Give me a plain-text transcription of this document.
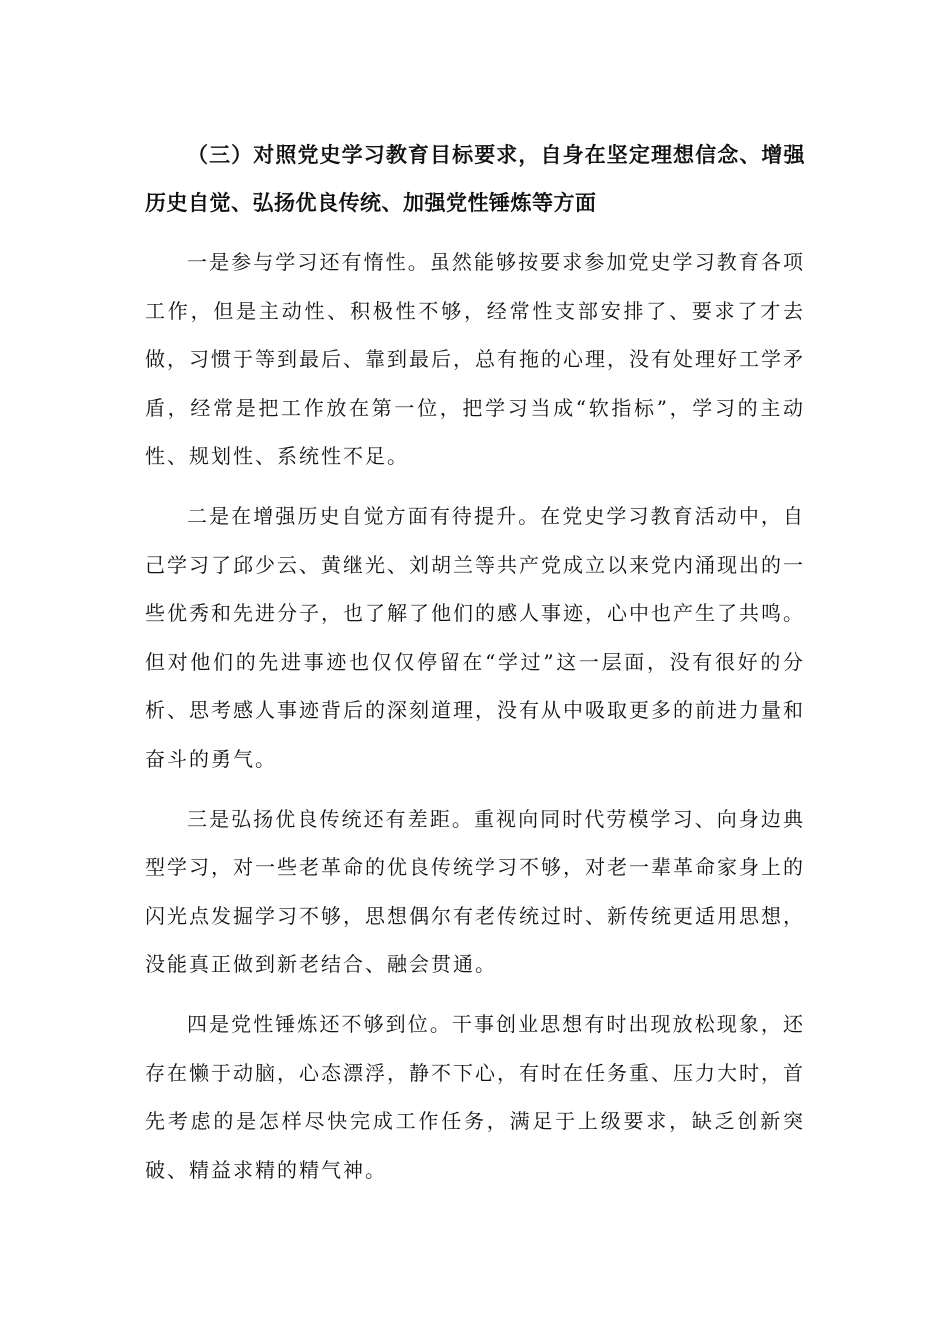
（三）对照党史学习教育目标要求，自身在坚定理想信念、增强历史自觉、弘扬优良传统、加强党性锤炼等方面

一是参与学习还有惰性。虽然能够按要求参加党史学习教育各项工作，但是主动性、积极性不够，经常性支部安排了、要求了才去做，习惯于等到最后、靠到最后，总有拖的心理，没有处理好工学矛盾，经常是把工作放在第一位，把学习当成“软指标”，学习的主动性、规划性、系统性不足。

二是在增强历史自觉方面有待提升。在党史学习教育活动中，自己学习了邱少云、黄继光、刘胡兰等共产党成立以来党内涌现出的一些优秀和先进分子，也了解了他们的感人事迹，心中也产生了共鸣。但对他们的先进事迹也仅仅停留在“学过”这一层面，没有很好的分析、思考感人事迹背后的深刻道理，没有从中吸取更多的前进力量和奋斗的勇气。

三是弘扬优良传统还有差距。重视向同时代劳模学习、向身边典型学习，对一些老革命的优良传统学习不够，对老一辈革命家身上的闪光点发掘学习不够，思想偶尔有老传统过时、新传统更适用思想，没能真正做到新老结合、融会贯通。

四是党性锤炼还不够到位。干事创业思想有时出现放松现象，还存在懒于动脑，心态漂浮，静不下心，有时在任务重、压力大时，首先考虑的是怎样尽快完成工作任务，满足于上级要求，缺乏创新突破、精益求精的精气神。
